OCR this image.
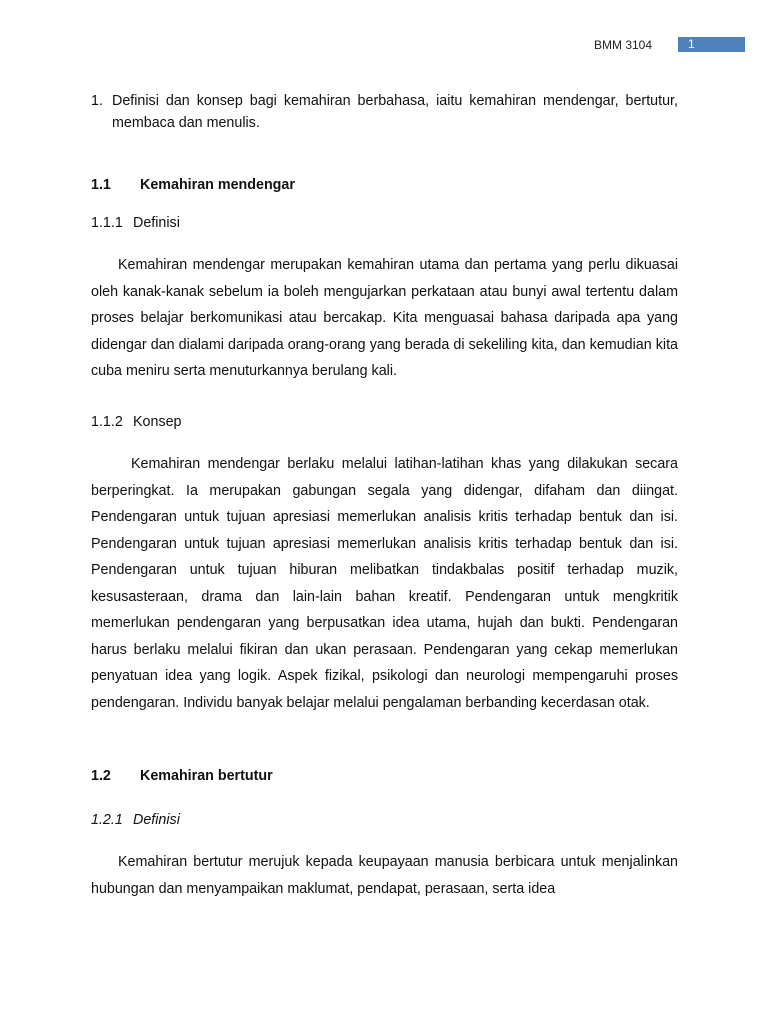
BMM 3104	1
1. Definisi dan konsep bagi kemahiran berbahasa, iaitu kemahiran mendengar, bertutur, membaca dan menulis.
1.1 Kemahiran mendengar
1.1.1 Definisi
Kemahiran mendengar merupakan kemahiran utama dan pertama yang perlu dikuasai oleh kanak-kanak sebelum ia boleh mengujarkan perkataan atau bunyi awal tertentu dalam proses belajar berkomunikasi atau bercakap. Kita menguasai bahasa daripada apa yang didengar dan dialami daripada orang-orang yang berada di sekeliling kita, dan kemudian kita cuba meniru serta menuturkannya berulang kali.
1.1.2 Konsep
Kemahiran mendengar berlaku melalui latihan-latihan khas yang dilakukan secara berperingkat. Ia merupakan gabungan segala yang didengar, difaham dan diingat. Pendengaran untuk tujuan apresiasi memerlukan analisis kritis terhadap bentuk dan isi. Pendengaran untuk tujuan apresiasi memerlukan analisis kritis terhadap bentuk dan isi. Pendengaran untuk tujuan hiburan melibatkan tindakbalas positif terhadap muzik, kesusasteraan, drama dan lain-lain bahan kreatif. Pendengaran untuk mengkritik memerlukan pendengaran yang berpusatkan idea utama, hujah dan bukti. Pendengaran harus berlaku melalui fikiran dan ukan perasaan. Pendengaran yang cekap memerlukan penyatuan idea yang logik. Aspek fizikal, psikologi dan neurologi mempengaruhi proses pendengaran. Individu banyak belajar melalui pengalaman berbanding kecerdasan otak.
1.2 Kemahiran bertutur
1.2.1 Definisi
Kemahiran bertutur merujuk kepada keupayaan manusia berbicara untuk menjalinkan hubungan dan menyampaikan maklumat, pendapat, perasaan, serta idea
